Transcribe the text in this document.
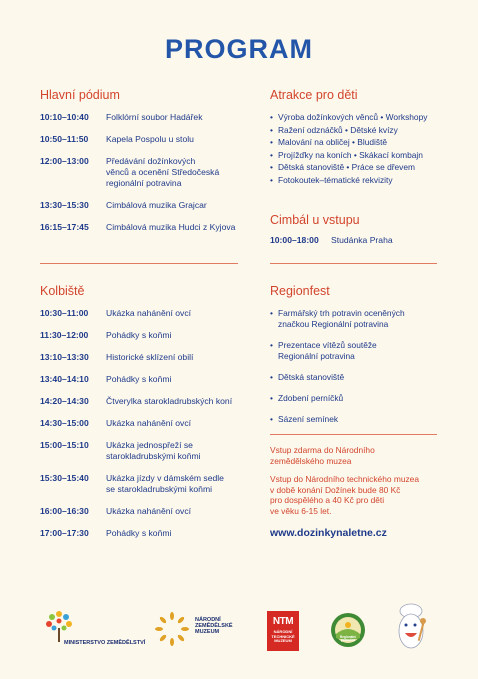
PROGRAM
Hlavní pódium
10:10–10:40	Folklórní soubor Hadářek
10:50–11:50	Kapela Pospolu u stolu
12:00–13:00	Předávání dožínkových
věnců a ocenění Středočeská
regionální potravina
13:30–15:30	Cimbálová muzika Grajcar
16:15–17:45	Cimbálová muzika Hudci z Kyjova
Kolbiště
10:30–11:00	Ukázka nahánění ovcí
11:30–12:00	Pohádky s koňmi
13:10–13:30	Historické sklízení obilí
13:40–14:10	Pohádky s koňmi
14:20–14:30	Čtverylka starokladrubských koní
14:30–15:00	Ukázka nahánění ovcí
15:00–15:10	Ukázka jednospřeží se
starokladrubskými koňmi
15:30–15:40	Ukázka jízdy v dámském sedle
se starokladrubskými koňmi
16:00–16:30	Ukázka nahánění ovcí
17:00–17:30	Pohádky s koňmi
Atrakce pro děti
• Výroba dožínkových věnců • Workshopy
• Ražení odznáčků • Dětské kvízy
• Malování na obličej • Bludiště
• Projížďky na koních • Skákací kombajn
• Dětská stanoviště • Práce se dřevem
• Fotokoutek–tématické rekvizity
Cimbál u vstupu
10:00–18:00	Studánka Praha
Regionfest
• Farmářský trh potravin oceněných
značkou Regionální potravina
• Prezentace vítězů soutěže
Regionální potravina
• Dětská stanoviště
• Zdobení perníčků
• Sázení semínek
Vstup zdarma do Národního
zemědělského muzea
Vstup do Národního technického muzea
v době konání Dožínek bude 80 Kč
pro dospělého a 40 Kč pro děti
ve věku 6-15 let.
www.dozinkynaletne.cz
MINISTERSTVO ZEMĚDĚLSTVÍ
NÁRODNÍ
ZEMĚDĚLSKÉ
MUZEUM
NTM
NÁRODNÍ
TECHNICKÉ
MUZEUM
Regionální potravina
